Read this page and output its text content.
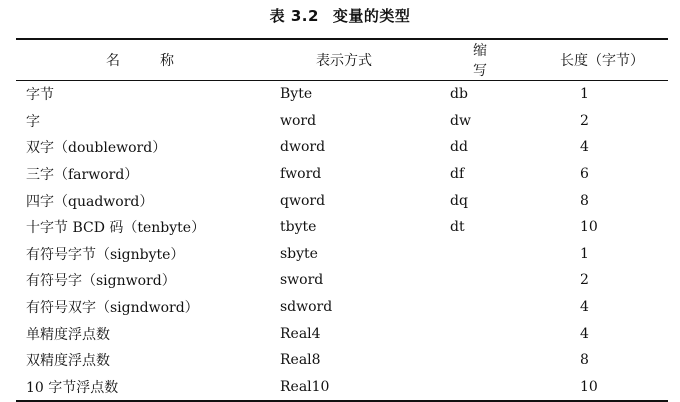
表 3.2 变量的类型
名称	表示方式	缩写	长度（字节）
字节	Byte	db	1
字	word	dw	2
双字（doubleword）	dword	dd	4
三字（farword）	fword	df	6
四字（quadword）	qword	dq	8
十字节 BCD 码（tenbyte）	tbyte	dt	10
有符号字节（signbyte）	sbyte		1
有符号字（signword）	sword		2
有符号双字（signdword）	sdword		4
单精度浮点数	Real4		4
双精度浮点数	Real8		8
10 字节浮点数	Real10		10
